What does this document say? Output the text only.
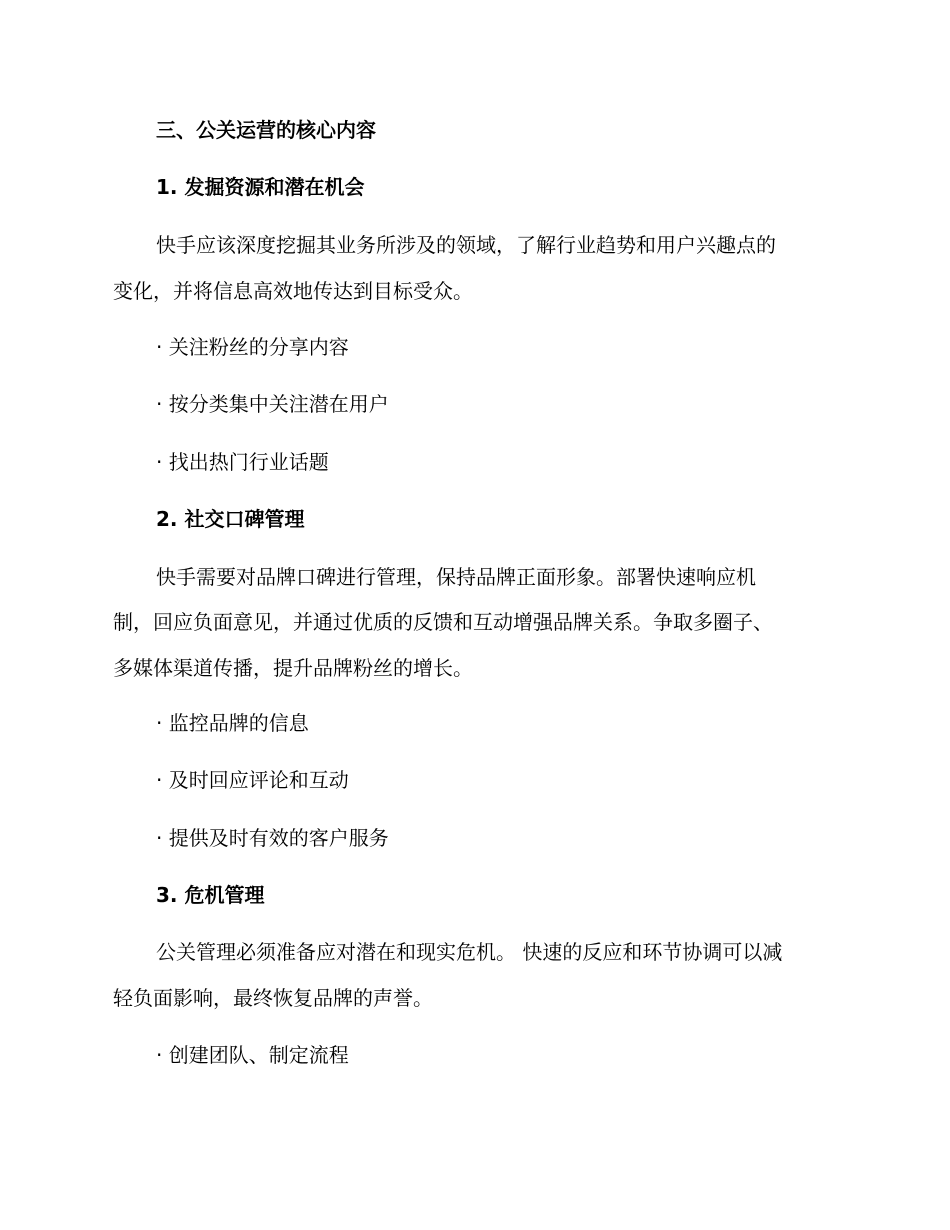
三、公关运营的核心内容
1. 发掘资源和潜在机会
快手应该深度挖掘其业务所涉及的领域，了解行业趋势和用户兴趣点的
变化，并将信息高效地传达到目标受众。
· 关注粉丝的分享内容
· 按分类集中关注潜在用户
· 找出热门行业话题
2. 社交口碑管理
快手需要对品牌口碑进行管理，保持品牌正面形象。部署快速响应机
制，回应负面意见，并通过优质的反馈和互动增强品牌关系。争取多圈子、
多媒体渠道传播，提升品牌粉丝的增长。
· 监控品牌的信息
· 及时回应评论和互动
· 提供及时有效的客户服务
3. 危机管理
公关管理必须准备应对潜在和现实危机。 快速的反应和环节协调可以减
轻负面影响，最终恢复品牌的声誉。
· 创建团队、制定流程
